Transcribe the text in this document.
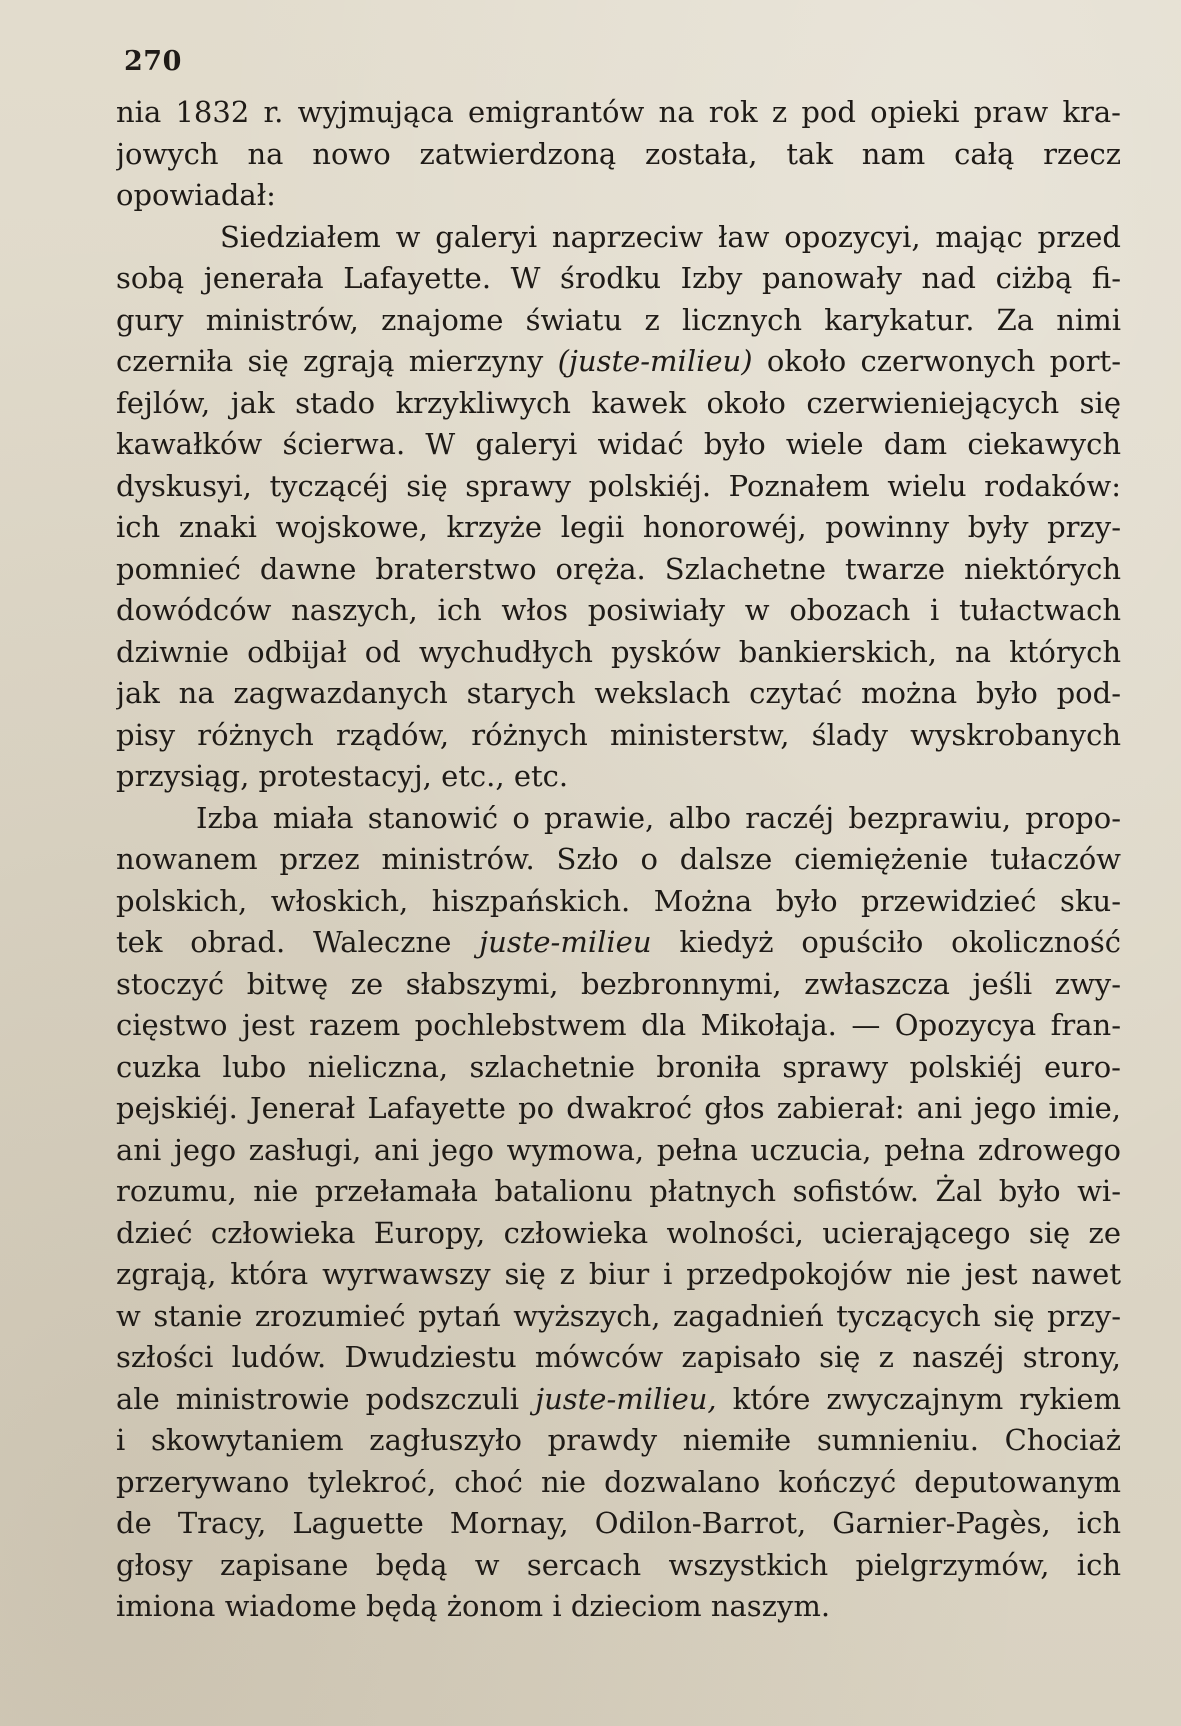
270
nia 1832 r. wyjmująca emigrantów na rok z pod opieki praw kra-
jowych na nowo zatwierdzoną została, tak nam całą rzecz
opowiadał:
Siedziałem w galeryi naprzeciw ław opozycyi, mając przed
sobą jenerała Lafayette. W środku Izby panowały nad ciżbą fi-
gury ministrów, znajome światu z licznych karykatur. Za nimi
czerniła się zgrają mierzyny (juste-milieu) około czerwonych port-
fejlów, jak stado krzykliwych kawek około czerwieniejących się
kawałków ścierwa. W galeryi widać było wiele dam ciekawych
dyskusyi, tyczącéj się sprawy polskiéj. Poznałem wielu rodaków:
ich znaki wojskowe, krzyże legii honorowéj, powinny były przy-
pomnieć dawne braterstwo oręża. Szlachetne twarze niektórych
dowódców naszych, ich włos posiwiały w obozach i tułactwach
dziwnie odbijał od wychudłych pysków bankierskich, na których
jak na zagwazdanych starych wekslach czytać można było pod-
pisy różnych rządów, różnych ministerstw, ślady wyskrobanych
przysiąg, protestacyj, etc., etc.
Izba miała stanowić o prawie, albo raczéj bezprawiu, propo-
nowanem przez ministrów. Szło o dalsze ciemiężenie tułaczów
polskich, włoskich, hiszpańskich. Można było przewidzieć sku-
tek obrad. Waleczne juste-milieu kiedyż opuściło okoliczność
stoczyć bitwę ze słabszymi, bezbronnymi, zwłaszcza jeśli zwy-
cięstwo jest razem pochlebstwem dla Mikołaja. — Opozycya fran-
cuzka lubo nieliczna, szlachetnie broniła sprawy polskiéj euro-
pejskiéj. Jenerał Lafayette po dwakroć głos zabierał: ani jego imie,
ani jego zasługi, ani jego wymowa, pełna uczucia, pełna zdrowego
rozumu, nie przełamała batalionu płatnych sofistów. Żal było wi-
dzieć człowieka Europy, człowieka wolności, ucierającego się ze
zgrają, która wyrwawszy się z biur i przedpokojów nie jest nawet
w stanie zrozumieć pytań wyższych, zagadnień tyczących się przy-
szłości ludów. Dwudziestu mówców zapisało się z naszéj strony,
ale ministrowie podszczuli juste-milieu, które zwyczajnym rykiem
i skowytaniem zagłuszyło prawdy niemiłe sumnieniu. Chociaż
przerywano tylekroć, choć nie dozwalano kończyć deputowanym
de Tracy, Laguette Mornay, Odilon-Barrot, Garnier-Pagès, ich
głosy zapisane będą w sercach wszystkich pielgrzymów, ich
imiona wiadome będą żonom i dzieciom naszym.
